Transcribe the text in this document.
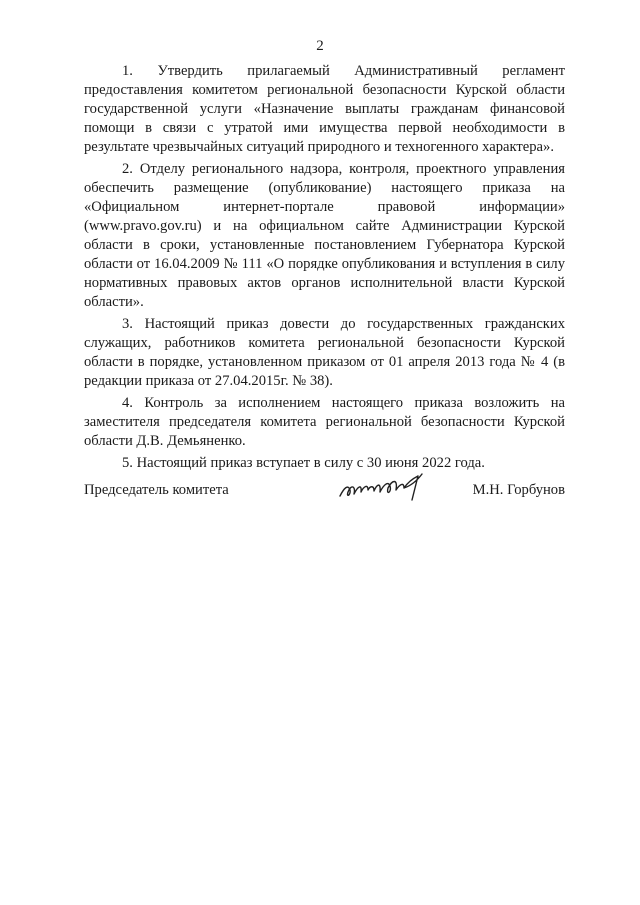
2

1. Утвердить прилагаемый Административный регламент предоставления комитетом региональной безопасности Курской области государственной услуги «Назначение выплаты гражданам финансовой помощи в связи с утратой ими имущества первой необходимости в результате чрезвычайных ситуаций природного и техногенного характера».

2. Отделу регионального надзора, контроля, проектного управления обеспечить размещение (опубликование) настоящего приказа на «Официальном интернет-портале правовой информации» (www.pravo.gov.ru) и на официальном сайте Администрации Курской области в сроки, установленные постановлением Губернатора Курской области от 16.04.2009 № 111 «О порядке опубликования и вступления в силу нормативных правовых актов органов исполнительной власти Курской области».

3. Настоящий приказ довести до государственных гражданских служащих, работников комитета региональной безопасности Курской области в порядке, установленном приказом от 01 апреля 2013 года № 4 (в редакции приказа от 27.04.2015г. № 38).

4. Контроль за исполнением настоящего приказа возложить на заместителя председателя комитета региональной безопасности Курской области Д.В. Демьяненко.

5. Настоящий приказ вступает в силу с 30 июня 2022 года.

Председатель комитета	М.Н. Горбунов
